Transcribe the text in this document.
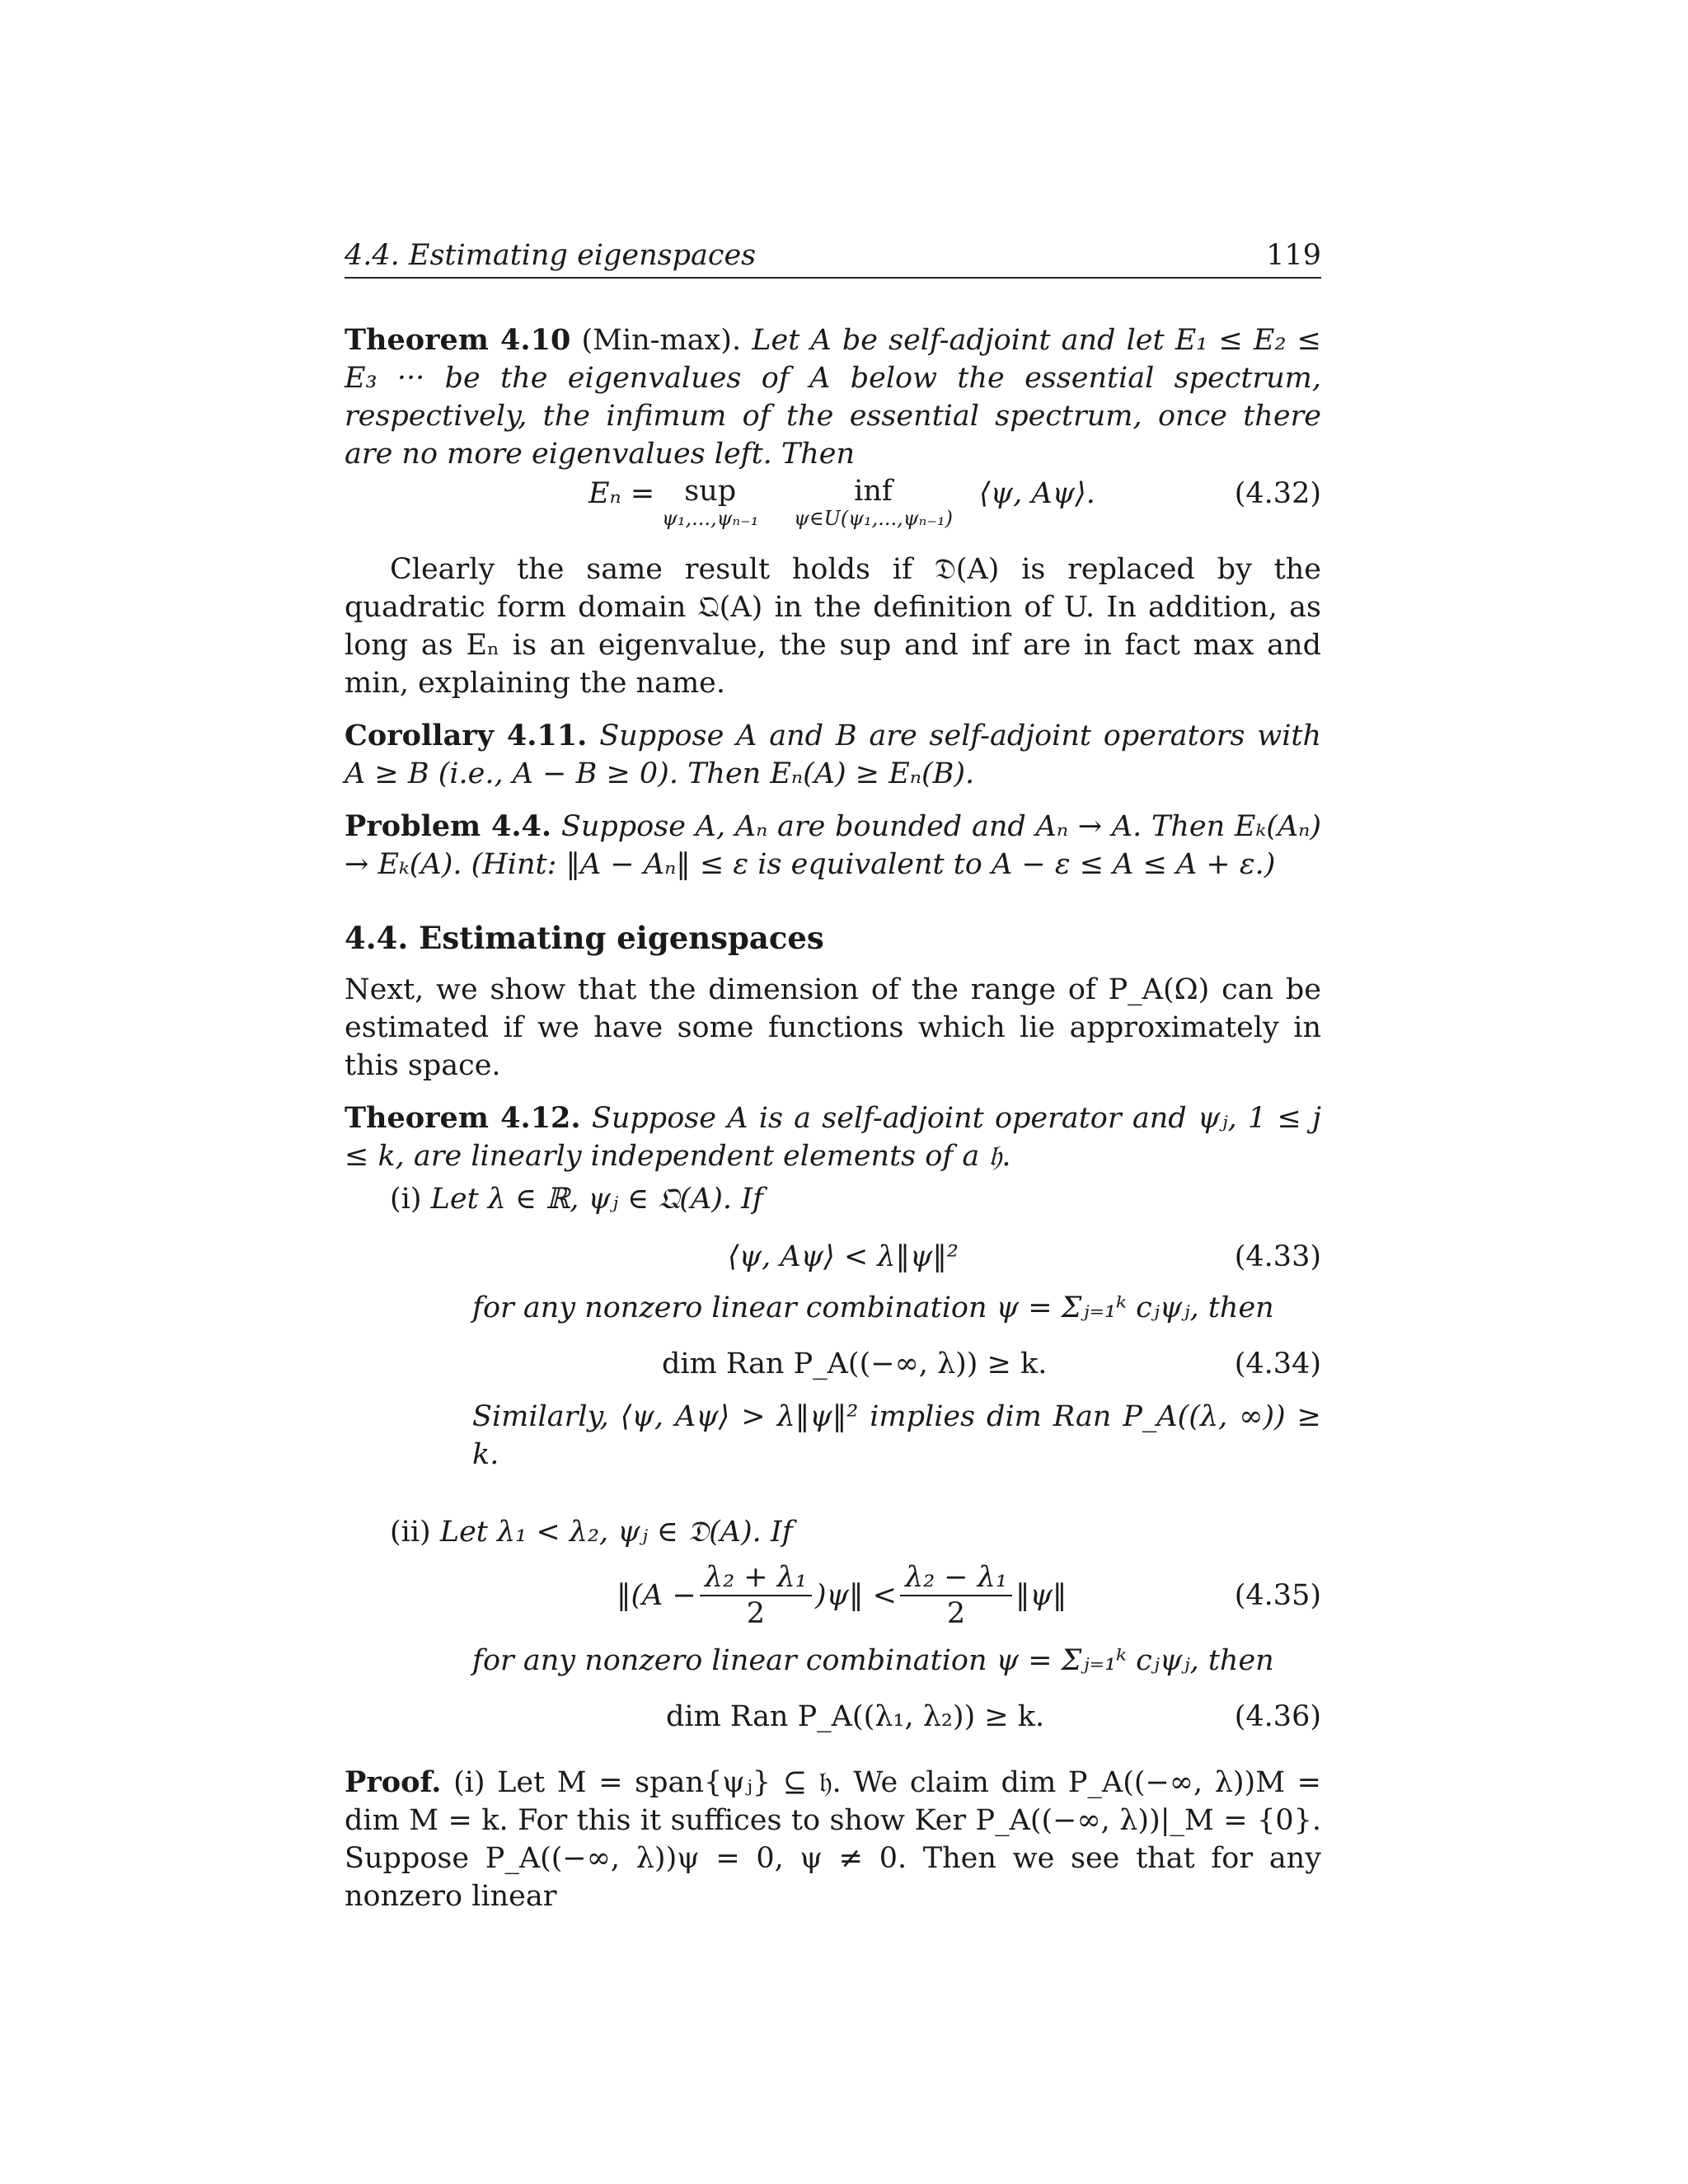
4.4. Estimating eigenspaces	119
Theorem 4.10 (Min-max). Let A be self-adjoint and let E₁ ≤ E₂ ≤ E₃ ··· be the eigenvalues of A below the essential spectrum, respectively, the infimum of the essential spectrum, once there are no more eigenvalues left. Then
Eₙ =	sup
ψ₁,...,ψₙ₋₁
inf
ψ∈U(ψ₁,...,ψₙ₋₁)
⟨ψ, Aψ⟩.	(4.32)
Clearly the same result holds if 𝔇(A) is replaced by the quadratic form domain 𝔔(A) in the definition of U. In addition, as long as Eₙ is an eigenvalue, the sup and inf are in fact max and min, explaining the name.
Corollary 4.11. Suppose A and B are self-adjoint operators with A ≥ B (i.e., A − B ≥ 0). Then Eₙ(A) ≥ Eₙ(B).
Problem 4.4. Suppose A, Aₙ are bounded and Aₙ → A. Then Eₖ(Aₙ) → Eₖ(A). (Hint: ‖A − Aₙ‖ ≤ ε is equivalent to A − ε ≤ A ≤ A + ε.)
4.4. Estimating eigenspaces
Next, we show that the dimension of the range of P_A(Ω) can be estimated if we have some functions which lie approximately in this space.
Theorem 4.12. Suppose A is a self-adjoint operator and ψⱼ, 1 ≤ j ≤ k, are linearly independent elements of a 𝔥.
(i) Let λ ∈ ℝ, ψⱼ ∈ 𝔔(A). If
⟨ψ, Aψ⟩ < λ‖ψ‖²	(4.33)
for any nonzero linear combination ψ = Σⱼ₌₁ᵏ cⱼψⱼ, then
dim Ran P_A((−∞, λ)) ≥ k.	(4.34)
Similarly, ⟨ψ, Aψ⟩ > λ‖ψ‖² implies dim Ran P_A((λ, ∞)) ≥ k.
(ii) Let λ₁ < λ₂, ψⱼ ∈ 𝔇(A). If
‖(A − $\frac{\text{λ₂ + λ₁}}{2}$ )ψ‖ < $\frac{\text{λ₂ − λ₁}}{2}$ ‖ψ‖	(4.35)
for any nonzero linear combination ψ = Σⱼ₌₁ᵏ cⱼψⱼ, then
dim Ran P_A((λ₁, λ₂)) ≥ k.	(4.36)
Proof. (i) Let M = span{ψⱼ} ⊆ 𝔥. We claim dim P_A((−∞, λ))M = dim M = k. For this it suffices to show Ker P_A((−∞, λ))|_M = {0}. Suppose P_A((−∞, λ))ψ = 0, ψ ≠ 0. Then we see that for any nonzero linear
